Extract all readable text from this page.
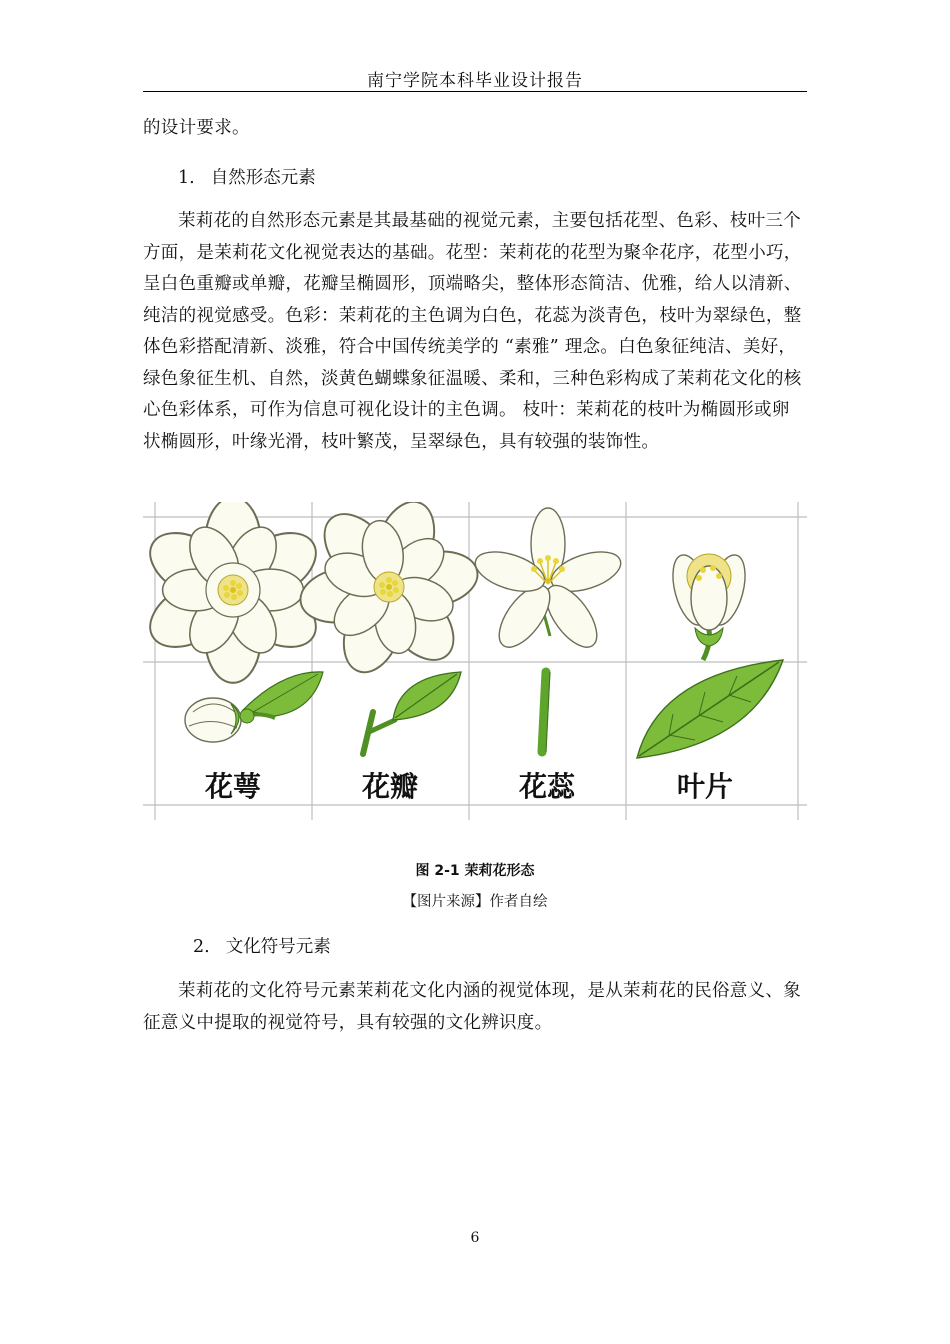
南宁学院本科毕业设计报告

的设计要求。

1. 自然形态元素

茉莉花的自然形态元素是其最基础的视觉元素，主要包括花型、色彩、枝叶三个方面，是茉莉花文化视觉表达的基础。花型：茉莉花的花型为聚伞花序，花型小巧，呈白色重瓣或单瓣，花瓣呈椭圆形，顶端略尖，整体形态简洁、优雅，给人以清新、纯洁的视觉感受。色彩：茉莉花的主色调为白色，花蕊为淡青色，枝叶为翠绿色，整体色彩搭配清新、淡雅，符合中国传统美学的 “素雅” 理念。白色象征纯洁、美好，绿色象征生机、自然，淡黄色蝴蝶象征温暖、柔和，三种色彩构成了茉莉花文化的核心色彩体系，可作为信息可视化设计的主色调。 枝叶：茉莉花的枝叶为椭圆形或卵状椭圆形，叶缘光滑，枝叶繁茂，呈翠绿色，具有较强的装饰性。

花萼	花瓣	花蕊	叶片

图 2-1 茉莉花形态

【图片来源】作者自绘

2. 文化符号元素

茉莉花的文化符号元素茉莉花文化内涵的视觉体现，是从茉莉花的民俗意义、象征意义中提取的视觉符号，具有较强的文化辨识度。

6
